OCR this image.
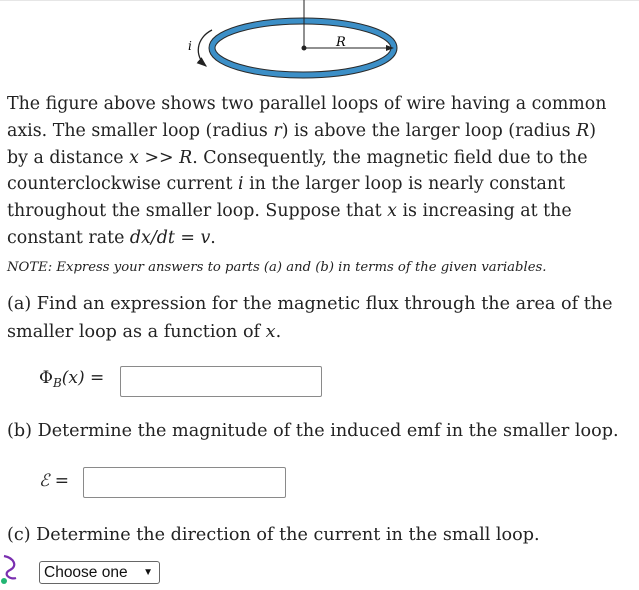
R
i

The figure above shows two parallel loops of wire having a common axis. The smaller loop (radius r) is above the larger loop (radius R) by a distance x >> R. Consequently, the magnetic field due to the counterclockwise current i in the larger loop is nearly constant throughout the smaller loop. Suppose that x is increasing at the constant rate dx/dt = v.

NOTE: Express your answers to parts (a) and (b) in terms of the given variables.

(a) Find an expression for the magnetic flux through the area of the smaller loop as a function of x.
$\Phi_B(x)$ =
(b) Determine the magnitude of the induced emf in the smaller loop.
ℰ =
(c) Determine the direction of the current in the small loop.
Choose one ▼
